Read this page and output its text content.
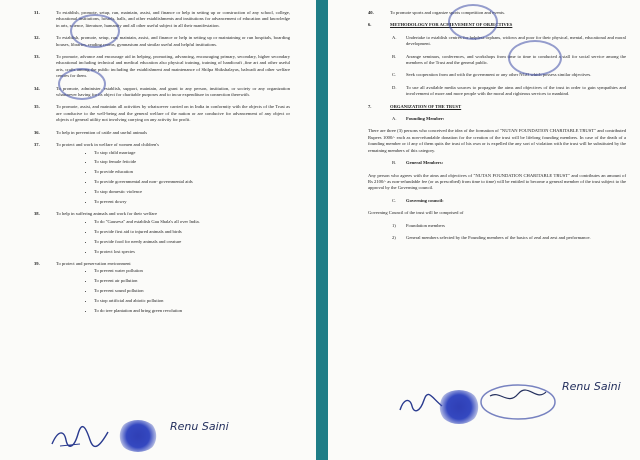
31.	To establish, promote, setup, run, maintain, assist, and finance or help in setting up or construction of any school, college, educational institutions, hostels, halls, and other establishments and institutions for advancement of education and knowledge in arts, science, literature, humanity and all other useful subject in all their manifestation.
32.	To establish, promote, setup, run, maintain, assist, and finance or help in setting up or maintaining or run hospitals, boarding houses, libraries, reading rooms, gymnasium and similar useful and helpful institutions.
33.	To promote, advance and encourage aid in helping, promoting, advancing, encouraging primary, secondary, higher secondary educational including technical and medical education also physical training, training of handicraft ,fine art and other useful arts, crafts among the public including the establishment and maintenance of Shilpa Shikshalayas, balwadi and other welfare centres for them.
34.	To promote, administer, establish, support, maintain, and grant to any person, institution, or society or any organization whatsoever having for its object for charitable purposes and to incur expenditure in connection therewith.
35.	To promote, assist, and maintain all activities by whatsoever carried on in India in conformity with the objects of the Trust as are conducive to the well-being and the general welfare of the nation or are conducive for advancement of any object or objects of general utility not involving carrying on any activity for profit.
36.	To help in prevention of cattle and useful animals
37.	To protect and work in welfare of women and children's
• To stop child marriage
• To stop female feticide
• To provide education
• To provide governmental and non- governmental aids
• To stop domestic violence
• To prevent dowry
38.	To help in suffering animals and work for their welfare
• To do "Gauseva" and establish Gau Shala's all over India.
• To provide first aid to injured animals and birds
• To provide food for needy animals and creature
• To protect lost species
39.	To protect and preservation environment
• To prevent water pollution
• To prevent air pollution
• To prevent sound pollution
• To stop artificial and abiotic pollution
• To do tree plantation and bring green revolution
Renu Saini
40.	To promote sports and organize sports competition and events.
6.	METHODOLOGY FOR ACHIEVEMENT OF OBJECTIVES
A. Undertake to establish centres for helpless orphans, widows and poor for their physical, mental, educational and moral development.
B. Arrange seminars, conferences, and workshops from time to time to conducted a stall for social service among the members of the Trust and the general public.
C. Seek cooperation from and with the government or any other NGO which possess similar objectives.
D. To use all available media sources to propagate the aims and objectives of the trust in order to gain sympathies and involvement of more and more people with the moral and righteous services to mankind.
7.	ORGANIZATION OF THE TRUST
A. Founding Member:

There are three (3) persons who conceived the idea of the formation of "NUTAN FOUNDATION CHARITABLE TRUST" and contributed Rupees 1000/- each as non-refundable donation for the creation of the trust will be lifelong founding members. In case of the death of a founding member or if any of them quits the trust of his own or is expelled the any sort of violation with the trust will be substituted by the remaining members of this category.

B. General Members:

Any person who agrees with the aims and objectives of "NUTAN FOUNDATION CHARITABLE TRUST" and contributes an amount of Rs 2100/- as non-refundable fee (or as prescribed) from time to time) will be entitled to become a general member of the trust subject to the approval by the Governing council.

C. Governing council:

Governing Council of the trust will be comprised of

1) Foundation members
2) General members selected by the Founding members of the basics of zeal and zest and performance.
Renu Saini
